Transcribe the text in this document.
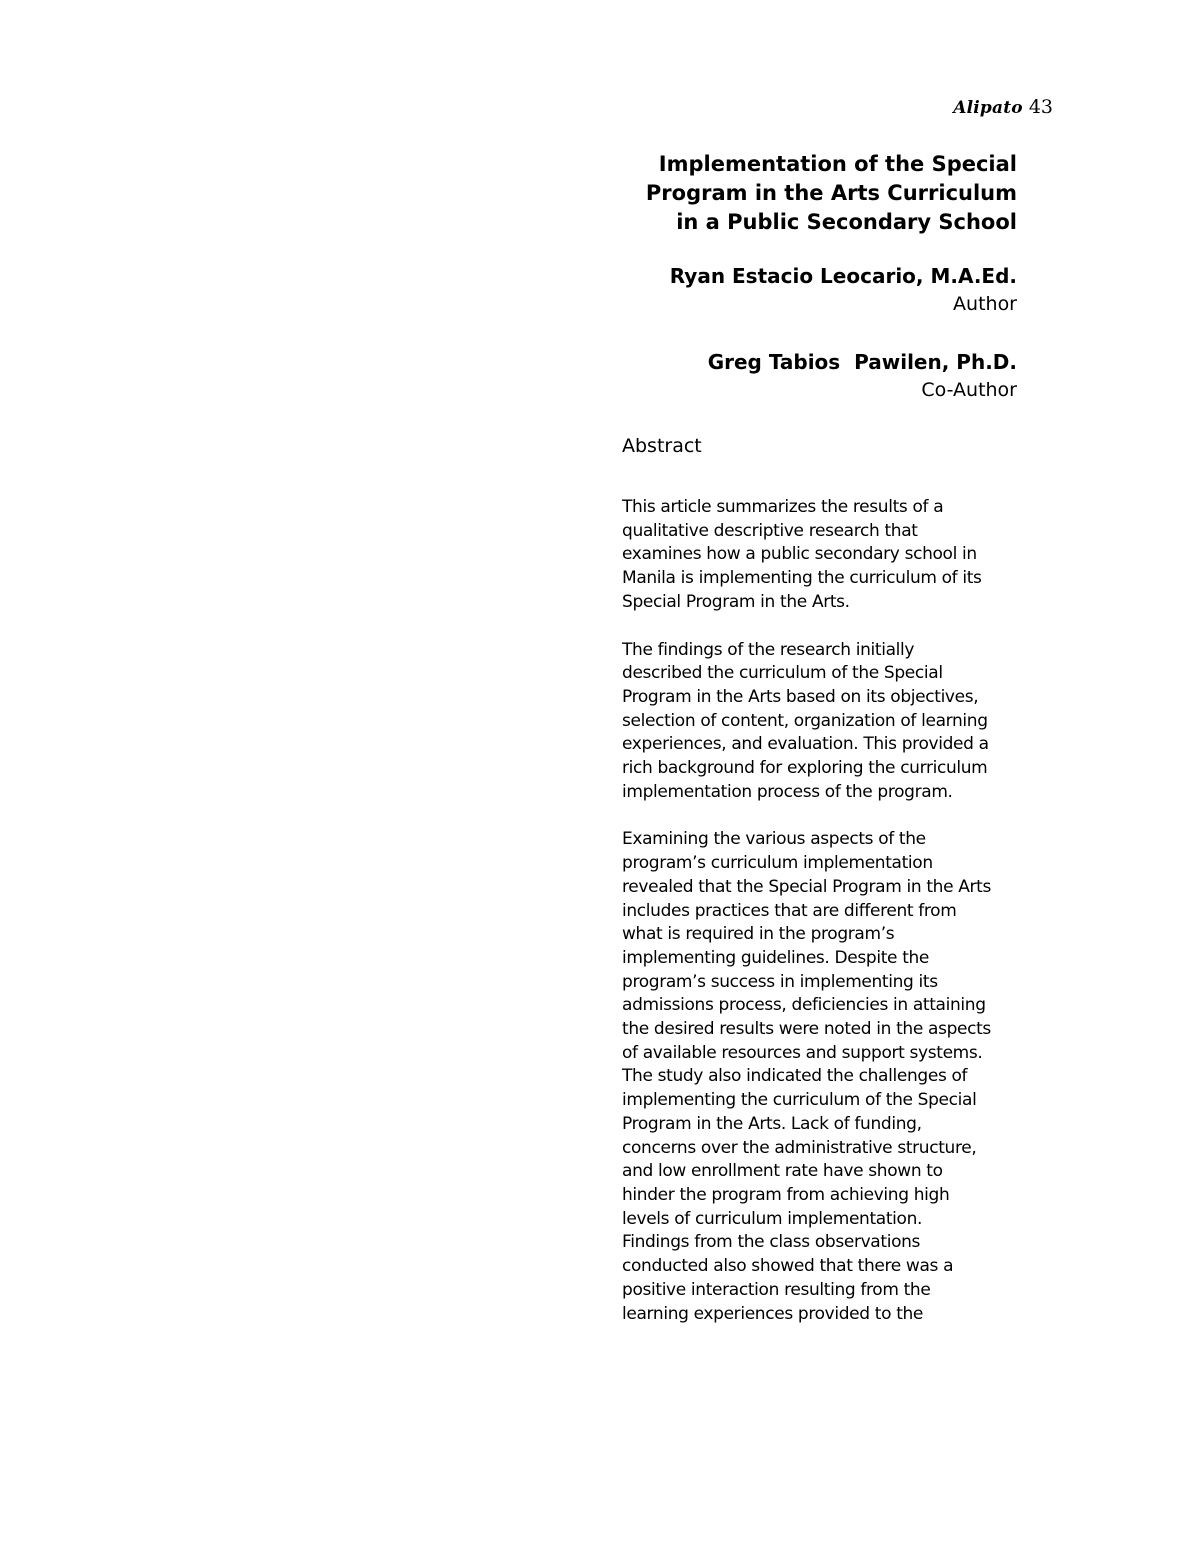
Alipato 43
Implementation of the Special
Program in the Arts Curriculum
in a Public Secondary School
Ryan Estacio Leocario, M.A.Ed.
Author
Greg Tabios  Pawilen, Ph.D.
Co-Author
Abstract
This article summarizes the results of a
qualitative descriptive research that
examines how a public secondary school in
Manila is implementing the curriculum of its
Special Program in the Arts.
The findings of the research initially
described the curriculum of the Special
Program in the Arts based on its objectives,
selection of content, organization of learning
experiences, and evaluation. This provided a
rich background for exploring the curriculum
implementation process of the program.
Examining the various aspects of the
program’s curriculum implementation
revealed that the Special Program in the Arts
includes practices that are different from
what is required in the program’s
implementing guidelines. Despite the
program’s success in implementing its
admissions process, deficiencies in attaining
the desired results were noted in the aspects
of available resources and support systems.
The study also indicated the challenges of
implementing the curriculum of the Special
Program in the Arts. Lack of funding,
concerns over the administrative structure,
and low enrollment rate have shown to
hinder the program from achieving high
levels of curriculum implementation.
Findings from the class observations
conducted also showed that there was a
positive interaction resulting from the
learning experiences provided to the
